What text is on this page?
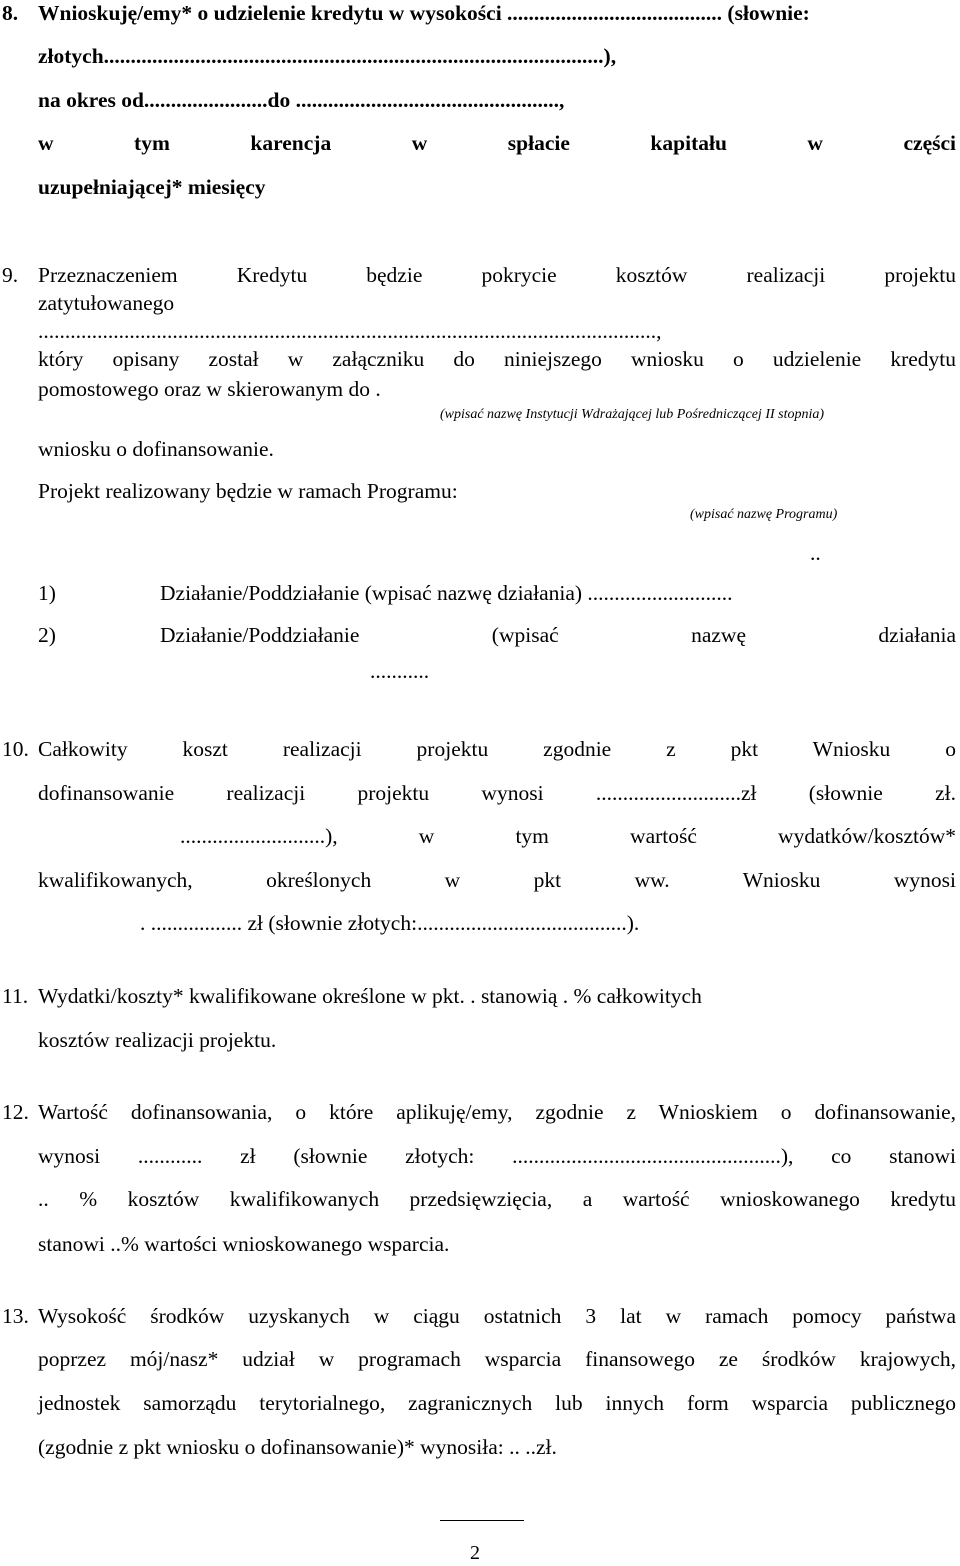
8. Wnioskuję/emy* o udzielenie kredytu w wysokości ........................................ (słownie:
złotych.............................................................................................),
na okres od.......................do .................................................,
w tym karencja w spłacie kapitału w części
uzupełniającej* miesięcy
9. Przeznaczeniem Kredytu będzie pokrycie kosztów realizacji projektu
zatytułowanego
...................................................................................................................,
który opisany został w załączniku do niniejszego wniosku o udzielenie kredytu
pomostowego oraz w skierowanym do .
(wpisać nazwę Instytucji Wdrażającej lub Pośredniczącej II stopnia)
wniosku o dofinansowanie.
Projekt realizowany będzie w ramach Programu:
(wpisać nazwę Programu)
..
1)	Działanie/Poddziałanie (wpisać nazwę działania) ...........................
2)	Działanie/Poddziałanie (wpisać nazwę działania
...........
10. Całkowity koszt realizacji projektu zgodnie z pkt Wniosku o
dofinansowanie realizacji projektu wynosi ...........................zł (słownie zł.
...........................), w tym wartość wydatków/kosztów*
kwalifikowanych, określonych w pkt ww. Wniosku wynosi
. ................. zł (słownie złotych:.......................................).
11. Wydatki/koszty* kwalifikowane określone w pkt. . stanowią . % całkowitych
kosztów realizacji projektu.
12. Wartość dofinansowania, o które aplikuję/emy, zgodnie z Wnioskiem o dofinansowanie,
wynosi ............ zł (słownie złotych: ..................................................), co stanowi
.. % kosztów kwalifikowanych przedsięwzięcia, a wartość wnioskowanego kredytu
stanowi ..% wartości wnioskowanego wsparcia.
13. Wysokość środków uzyskanych w ciągu ostatnich 3 lat w ramach pomocy państwa
poprzez mój/nasz* udział w programach wsparcia finansowego ze środków krajowych,
jednostek samorządu terytorialnego, zagranicznych lub innych form wsparcia publicznego
(zgodnie z pkt wniosku o dofinansowanie)* wynosiła: .. ..zł.
2
